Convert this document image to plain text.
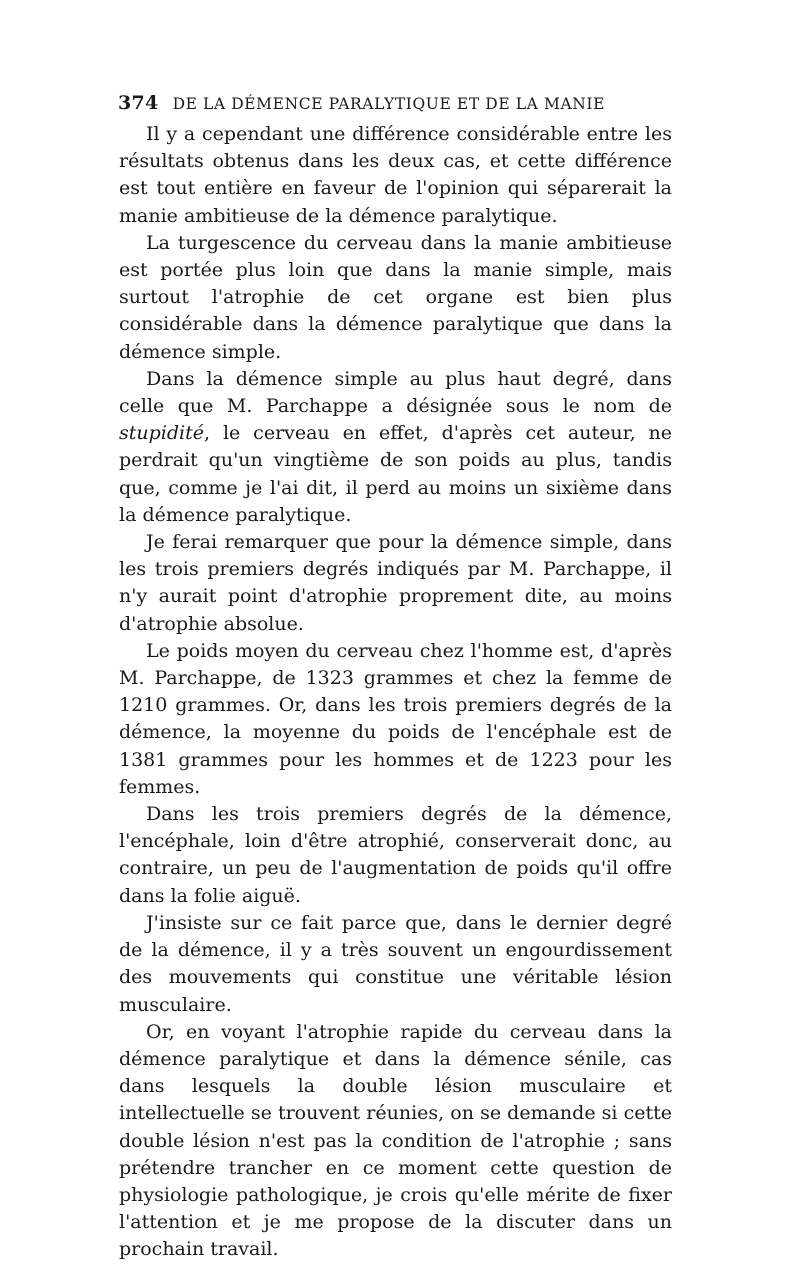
374 DE LA DÉMENCE PARALYTIQUE ET DE LA MANIE

Il y a cependant une différence considérable entre les résultats obtenus dans les deux cas, et cette différence est tout entière en faveur de l'opinion qui séparerait la manie ambitieuse de la démence paralytique.

La turgescence du cerveau dans la manie ambitieuse est portée plus loin que dans la manie simple, mais surtout l'atrophie de cet organe est bien plus considérable dans la démence paralytique que dans la démence simple.

Dans la démence simple au plus haut degré, dans celle que M. Parchappe a désignée sous le nom de stupidité, le cerveau en effet, d'après cet auteur, ne perdrait qu'un vingtième de son poids au plus, tandis que, comme je l'ai dit, il perd au moins un sixième dans la démence paralytique.

Je ferai remarquer que pour la démence simple, dans les trois premiers degrés indiqués par M. Parchappe, il n'y aurait point d'atrophie proprement dite, au moins d'atrophie absolue.

Le poids moyen du cerveau chez l'homme est, d'après M. Parchappe, de 1323 grammes et chez la femme de 1210 grammes. Or, dans les trois premiers degrés de la démence, la moyenne du poids de l'encéphale est de 1381 grammes pour les hommes et de 1223 pour les femmes.

Dans les trois premiers degrés de la démence, l'encéphale, loin d'être atrophié, conserverait donc, au contraire, un peu de l'augmentation de poids qu'il offre dans la folie aiguë.

J'insiste sur ce fait parce que, dans le dernier degré de la démence, il y a très souvent un engourdissement des mouvements qui constitue une véritable lésion musculaire.

Or, en voyant l'atrophie rapide du cerveau dans la démence paralytique et dans la démence sénile, cas dans lesquels la double lésion musculaire et intellectuelle se trouvent réunies, on se demande si cette double lésion n'est pas la condition de l'atrophie ; sans prétendre trancher en ce moment cette question de physiologie pathologique, je crois qu'elle mérite de fixer l'attention et je me propose de la discuter dans un prochain travail.
